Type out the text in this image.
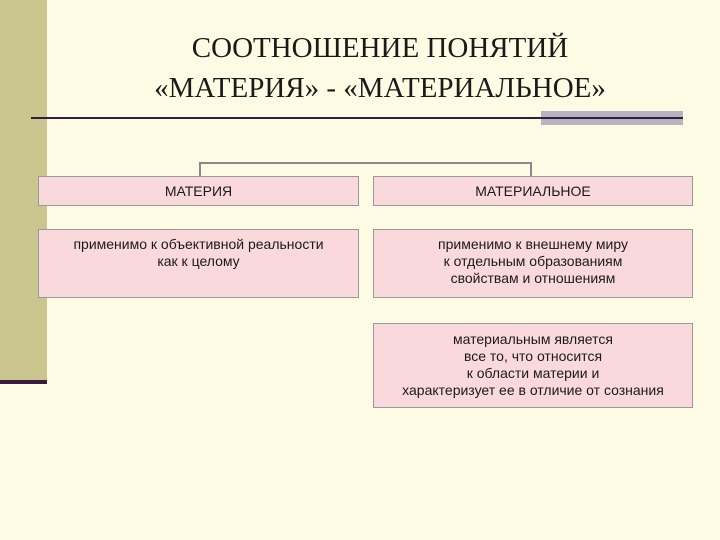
СООТНОШЕНИЕ ПОНЯТИЙ
«МАТЕРИЯ» - «МАТЕРИАЛЬНОЕ»
МАТЕРИЯ
применимо к объективной реальности
как к целому
МАТЕРИАЛЬНОЕ
применимо к внешнему миру
к отдельным образованиям
свойствам и отношениям
материальным является
все то, что относится
к области материи и
характеризует ее в отличие от сознания
